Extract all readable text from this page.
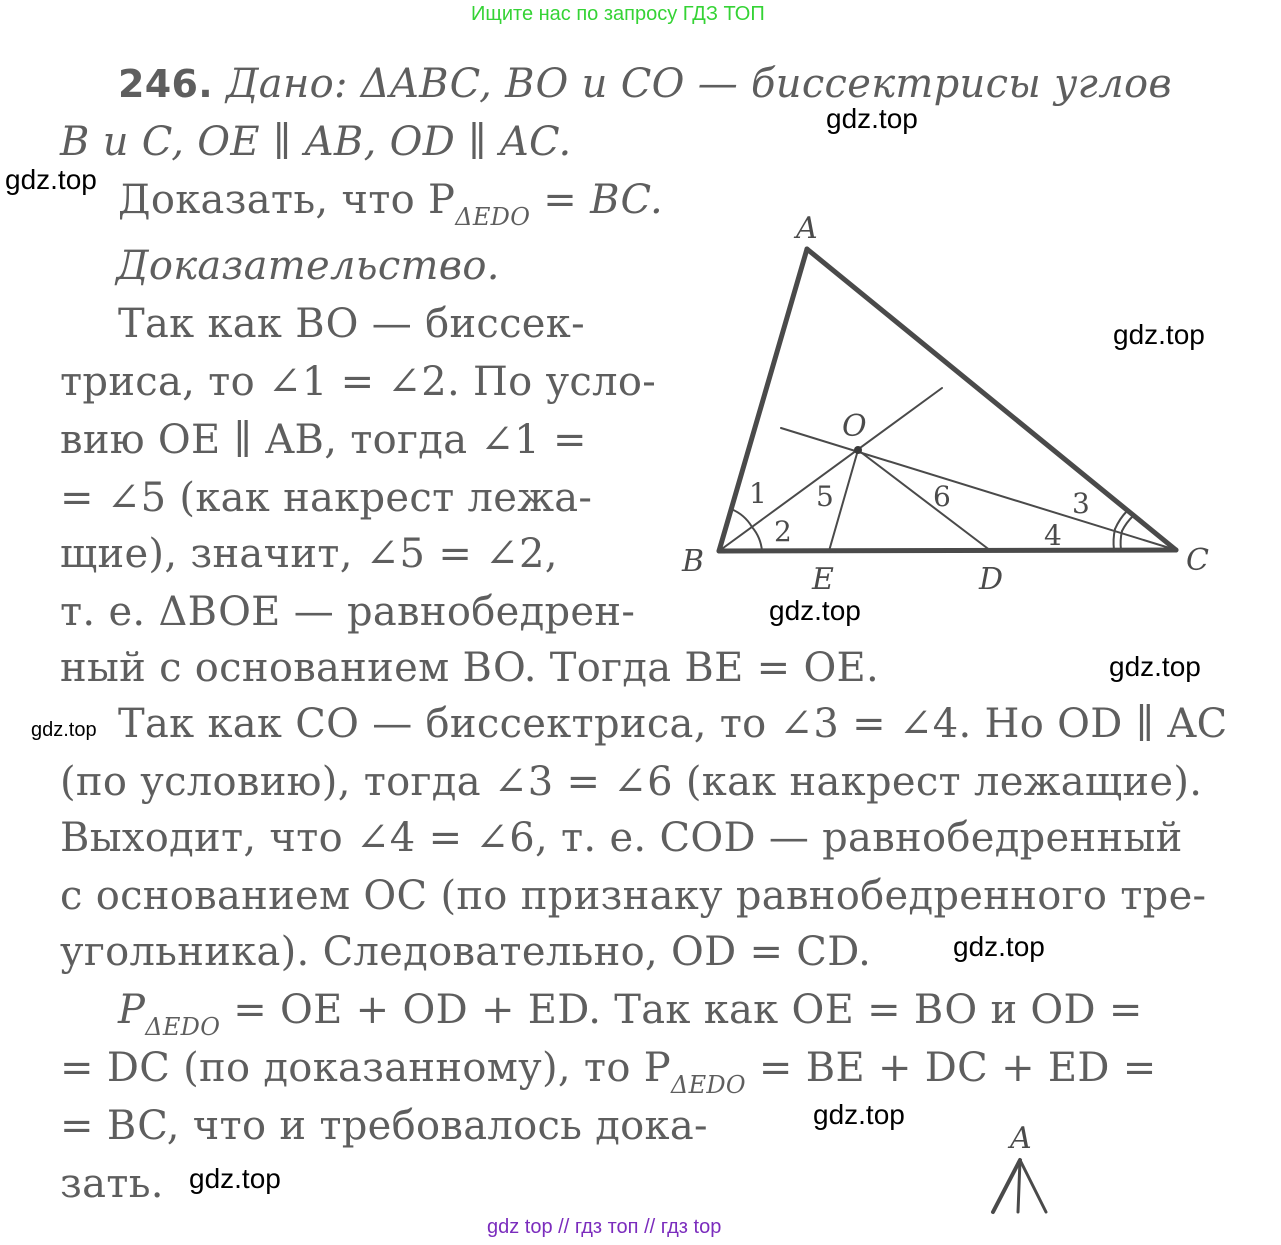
Ищите нас по запросу ГДЗ ТОП
246. Дано: ΔABC, BO и CO — биссектрисы углов
B и C, OE ∥ AB, OD ∥ AC.
Доказать, что $P_{\Delta EDO}$ = BC.
Доказательство.
Так как BO — биссек-
триса, то ∠1 = ∠2. По усло-
вию OE ∥ AB, тогда ∠1 =
= ∠5 (как накрест лежа-
щие), значит, ∠5 = ∠2,
т. е. ΔBOE — равнобедрен-
ный с основанием BO. Тогда BE = OE.
Так как CO — биссектриса, то ∠3 = ∠4. Но OD ∥ AC
(по условию), тогда ∠3 = ∠6 (как накрест лежащие).
Выходит, что ∠4 = ∠6, т. е. COD — равнобедренный
с основанием OC (по признаку равнобедренного тре-
угольника). Следовательно, OD = CD.
$P_{\Delta EDO}$ = OE + OD + ED. Так как OE = BO и OD =
= DC (по доказанному), то $P_{\Delta EDO}$ = BE + DC + ED =
= BC, что и требовалось дока-
зать.
A
B	C
O
E	D
1
2
3
4
5	6
A
gdz.top
gdz.top
gdz.top
gdz.top
gdz.top
gdz.top
gdz.top
gdz.top
gdz.top
gdz top // гдз топ // гдз top
